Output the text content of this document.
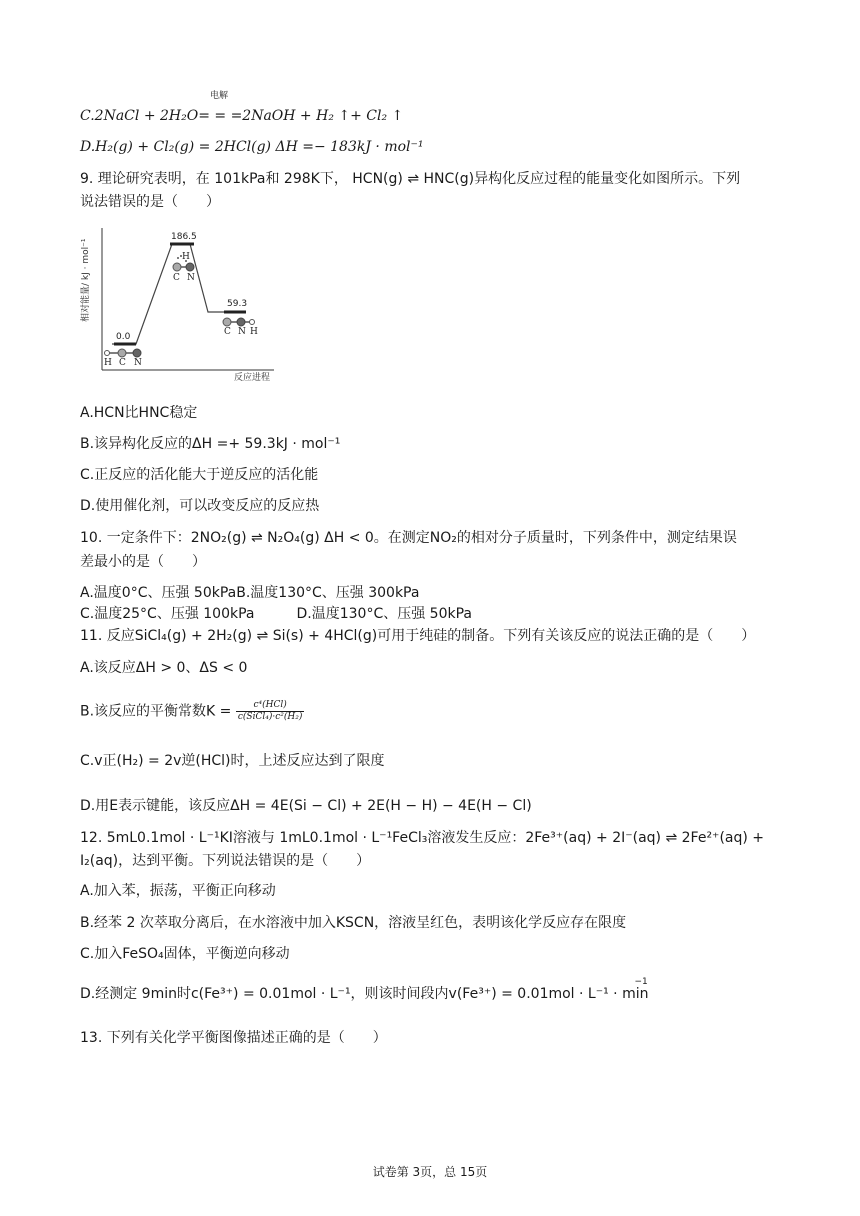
电解
C.2NaCl + 2H₂O= = =2NaOH + H₂ ↑+ Cl₂ ↑
D.H₂(g) + Cl₂(g) = 2HCl(g) ΔH =− 183kJ · mol⁻¹
9. 理论研究表明，在 101kPa和 298K下， HCN(g) ⇌ HNC(g)异构化反应过程的能量变化如图所示。下列
说法错误的是（　　）
相对能量/ kJ · mol⁻¹
反应进程
0.0
186.5
59.3
H C N
H
C N
C N H
A.HCN比HNC稳定
B.该异构化反应的ΔH =+ 59.3kJ · mol⁻¹
C.正反应的活化能大于逆反应的活化能
D.使用催化剂，可以改变反应的反应热
10. 一定条件下：2NO₂(g) ⇌ N₂O₄(g) ΔH < 0。在测定NO₂的相对分子质量时，下列条件中，测定结果误
差最小的是（　　）
A.温度0°C、压强 50kPaB.温度130°C、压强 300kPa
C.温度25°C、压强 100kPa　　　D.温度130°C、压强 50kPa
11. 反应SiCl₄(g) + 2H₂(g) ⇌ Si(s) + 4HCl(g)可用于纯硅的制备。下列有关该反应的说法正确的是（　　）
A.该反应ΔH > 0、ΔS < 0
B.该反应的平衡常数$K = \frac{\text{c⁴(HCl)}}{\text{c(SiCl₄)·c²(H₂)}}$
C.v正(H₂) = 2v逆(HCl)时，上述反应达到了限度
D.用E表示键能，该反应ΔH = 4E(Si − Cl) + 2E(H − H) − 4E(H − Cl)
12. 5mL0.1mol · L⁻¹KI溶液与 1mL0.1mol · L⁻¹FeCl₃溶液发生反应：2Fe³⁺(aq) + 2I⁻(aq) ⇌ 2Fe²⁺(aq) +
I₂(aq)，达到平衡。下列说法错误的是（　　）
A.加入苯，振荡，平衡正向移动
B.经苯 2 次萃取分离后，在水溶液中加入KSCN，溶液呈红色，表明该化学反应存在限度
C.加入FeSO₄固体，平衡逆向移动
D.经测定 9min时c(Fe³⁺) = 0.01mol · L⁻¹，则该时间段内$v(Fe^{3+}) = 0.01mol \cdot L^{-1} \cdot \min^{-1}$
13. 下列有关化学平衡图像描述正确的是（　　）
试卷第 3页，总 15页
